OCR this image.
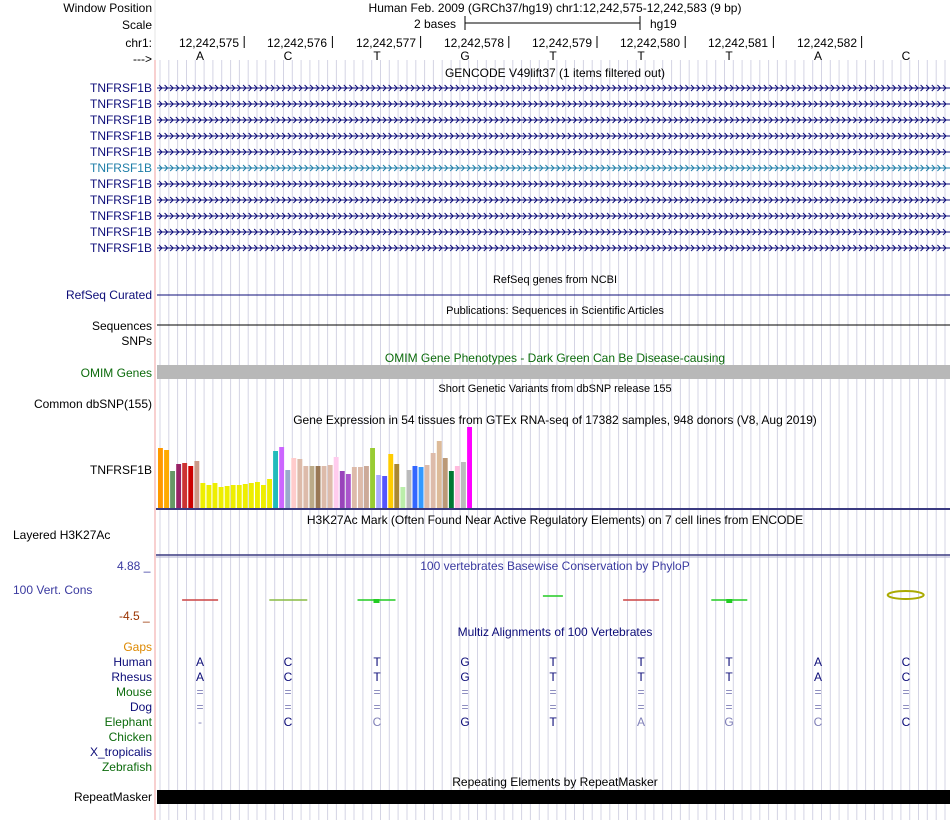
Window Position	Human Feb. 2009 (GRCh37/hg19) chr1:12,242,575-12,242,583 (9 bp)
Scale	2 bases	hg19
chr1:	12,242,575	12,242,576	12,242,577	12,242,578	12,242,579	12,242,580	12,242,581	12,242,582
--->	A	C	T	G	T	T	T	A	C
GENCODE V49lift37 (1 items filtered out)
TNFRSF1B
TNFRSF1B
TNFRSF1B
TNFRSF1B
TNFRSF1B
TNFRSF1B
TNFRSF1B
TNFRSF1B
TNFRSF1B
TNFRSF1B
TNFRSF1B
RefSeq genes from NCBI
RefSeq Curated
Publications: Sequences in Scientific Articles
Sequences
SNPs
OMIM Gene Phenotypes - Dark Green Can Be Disease-causing
OMIM Genes
Short Genetic Variants from dbSNP release 155
Common dbSNP(155)
Gene Expression in 54 tissues from GTEx RNA-seq of 17382 samples, 948 donors (V8, Aug 2019)
TNFRSF1B
H3K27Ac Mark (Often Found Near Active Regulatory Elements) on 7 cell lines from ENCODE
Layered H3K27Ac
100 vertebrates Basewise Conservation by PhyloP
4.88 _
100 Vert. Cons
-4.5 _
Multiz Alignments of 100 Vertebrates
Gaps
Human	A	C	T	G	T	T	T	A	C
Rhesus	A	C	T	G	T	T	T	A	C
Mouse	=	=	=	=	=	=	=	=	=
Dog	=	=	=	=	=	=	=	=	=
Elephant	-	C	C	G	T	A	G	C	C
Chicken
X_tropicalis
Zebrafish
Repeating Elements by RepeatMasker
RepeatMasker
